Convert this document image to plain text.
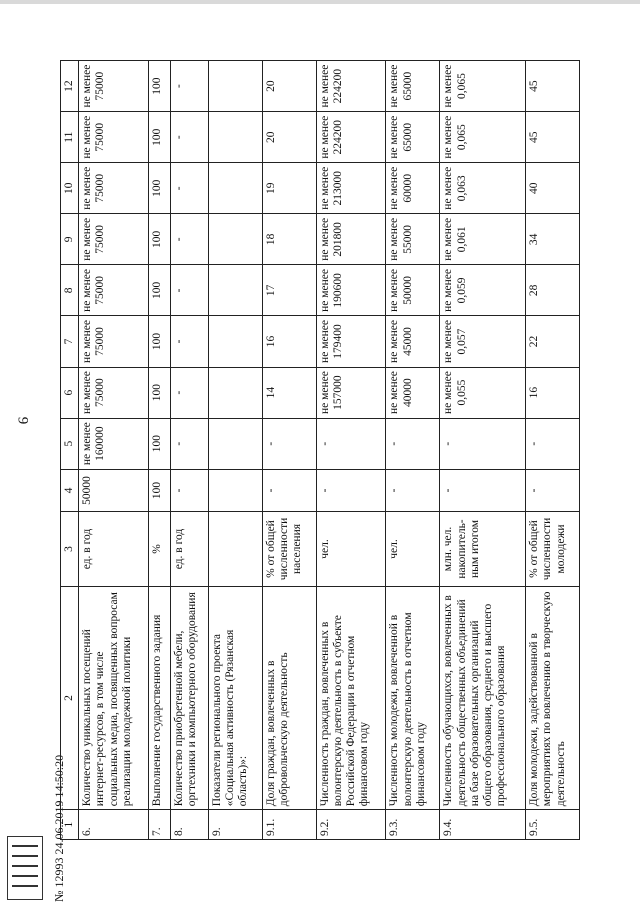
9
№ 12993 24.06.2019 14:50:20
1	2	3	4	5	6	7	8	9	10	11	12
6.	Количество уникальных посещений интернет-ресурсов, в том числе социальных медиа, посвященных вопросам реализации молодежной политики	ед. в год	50000	не менее 160000	не менее 75000	не менее 75000	не менее 75000	не менее 75000	не менее 75000	не менее 75000	не менее 75000
7.	Выполнение государственного задания	%	100	100	100	100	100	100	100	100	100
8.	Количество приобретенной мебели, оргтехники и компьютерного оборудования	ед. в год	-	-	-	-	-	-	-	-	-
9.	Показатели регионального проекта «Социальная активность (Рязанская область)»:										
9.1.	Доля граждан, вовлеченных в добровольческую деятельность	% от общей численности населения	-	-	14	16	17	18	19	20	20
9.2.	Численность граждан, вовлеченных в волонтерскую деятельность в субъекте Российской Федерации в отчетном финансовом году	чел.	-	-	не менее 157000	не менее 179400	не менее 190600	не менее 201800	не менее 213000	не менее 224200	не менее 224200
9.3.	Численность молодежи, вовлеченной в волонтерскую деятельность в отчетном финансовом году	чел.	-	-	не менее 40000	не менее 45000	не менее 50000	не менее 55000	не менее 60000	не менее 65000	не менее 65000
9.4.	Численность обучающихся, вовлеченных в деятельность общественных объединений на базе образовательных организаций общего образования, среднего и высшего профессионального образования	млн. чел. накопитель-ным итогом	-	-	не менее 0,055	не менее 0,057	не менее 0,059	не менее 0,061	не менее 0,063	не менее 0,065	не менее 0,065
9.5.	Доля молодежи, задействованной в мероприятиях по вовлечению в творческую деятельность	% от общей численности молодежи	-	-	16	22	28	34	40	45	45
